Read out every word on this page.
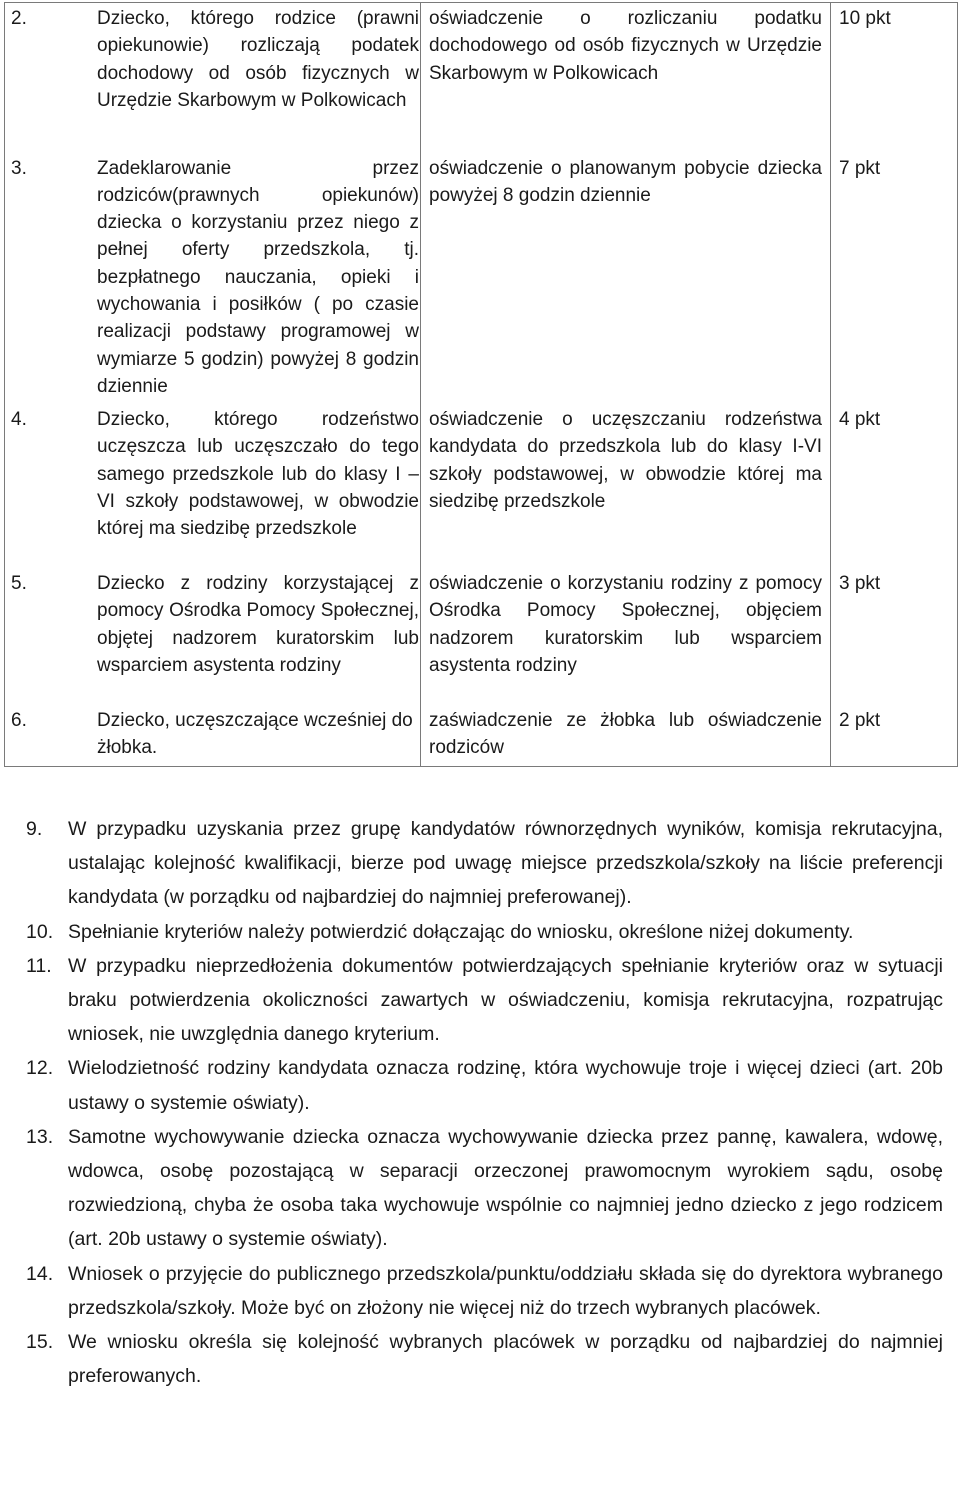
2. Dziecko, którego rodzice (prawni opiekunowie) rozliczają podatek dochodowy od osób fizycznych w Urzędzie Skarbowym w Polkowicach	oświadczenie o rozliczaniu podatku dochodowego od osób fizycznych w Urzędzie Skarbowym w Polkowicach	10 pkt

3. Zadeklarowanie przez rodziców(prawnych opiekunów) dziecka o korzystaniu przez niego z pełnej oferty przedszkola, tj. bezpłatnego nauczania, opieki i wychowania i posiłków ( po czasie realizacji podstawy programowej w wymiarze 5 godzin) powyżej 8 godzin dziennie	oświadczenie o planowanym pobycie dziecka powyżej 8 godzin dziennie	7 pkt

4. Dziecko, którego rodzeństwo uczęszcza lub uczęszczało do tego samego przedszkole lub do klasy I – VI szkoły podstawowej, w obwodzie której ma siedzibę przedszkole	oświadczenie o uczęszczaniu rodzeństwa kandydata do przedszkola lub do klasy I-VI szkoły podstawowej, w obwodzie której ma siedzibę przedszkole	4 pkt

5. Dziecko z rodziny korzystającej z pomocy Ośrodka Pomocy Społecznej, objętej nadzorem kuratorskim lub wsparciem asystenta rodziny	oświadczenie o korzystaniu rodziny z pomocy Ośrodka Pomocy Społecznej, objęciem nadzorem kuratorskim lub wsparciem asystenta rodziny	3 pkt

6. Dziecko, uczęszczające wcześniej do żłobka.	zaświadczenie ze żłobka lub oświadczenie rodziców	2 pkt
9.	W przypadku uzyskania przez grupę kandydatów równorzędnych wyników, komisja rekrutacyjna, ustalając kolejność kwalifikacji, bierze pod uwagę miejsce przedszkola/szkoły na liście preferencji kandydata (w porządku od najbardziej do najmniej preferowanej).
10. Spełnianie kryteriów należy potwierdzić dołączając do wniosku, określone niżej dokumenty.
11. W przypadku nieprzedłożenia dokumentów potwierdzających spełnianie kryteriów oraz w sytuacji braku potwierdzenia okoliczności zawartych w oświadczeniu, komisja rekrutacyjna, rozpatrując wniosek, nie uwzględnia danego kryterium.
12. Wielodzietność rodziny kandydata oznacza rodzinę, która wychowuje troje i więcej dzieci (art. 20b ustawy o systemie oświaty).
13. Samotne wychowywanie dziecka oznacza wychowywanie dziecka przez pannę, kawalera, wdowę, wdowca, osobę pozostającą w separacji orzeczonej prawomocnym wyrokiem sądu, osobę rozwiedzioną, chyba że osoba taka wychowuje wspólnie co najmniej jedno dziecko z jego rodzicem (art. 20b ustawy o systemie oświaty).
14. Wniosek o przyjęcie do publicznego przedszkola/punktu/oddziału składa się do dyrektora wybranego przedszkola/szkoły. Może być on złożony nie więcej niż do trzech wybranych placówek.
15. We wniosku określa się kolejność wybranych placówek w porządku od najbardziej do najmniej preferowanych.
